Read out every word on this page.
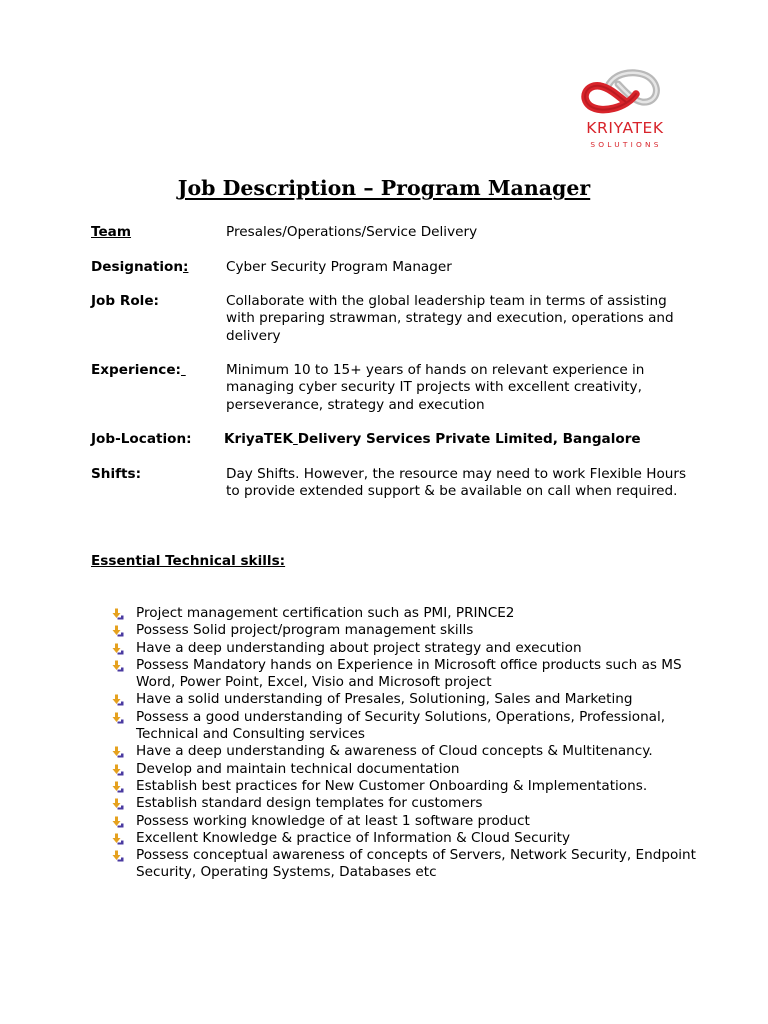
KRIYATEK
SOLUTIONS
Job Description – Program Manager
Team	Presales/Operations/Service Delivery
Designation:	Cyber Security Program Manager
Job Role:	Collaborate with the global leadership team in terms of assisting with preparing strawman, strategy and execution, operations and delivery
Experience:	Minimum 10 to 15+ years of hands on relevant experience in managing cyber security IT projects with excellent creativity, perseverance, strategy and execution
Job-Location: KriyaTEK Delivery Services Private Limited, Bangalore
Shifts:	Day Shifts. However, the resource may need to work Flexible Hours to provide extended support & be available on call when required.
Essential Technical skills:
Project management certification such as PMI, PRINCE2
Possess Solid project/program management skills
Have a deep understanding about project strategy and execution
Possess Mandatory hands on Experience in Microsoft office products such as MS Word, Power Point, Excel, Visio and Microsoft project
Have a solid understanding of Presales, Solutioning, Sales and Marketing
Possess a good understanding of Security Solutions, Operations, Professional, Technical and Consulting services
Have a deep understanding & awareness of Cloud concepts & Multitenancy.
Develop and maintain technical documentation
Establish best practices for New Customer Onboarding & Implementations.
Establish standard design templates for customers
Possess working knowledge of at least 1 software product
Excellent Knowledge & practice of Information & Cloud Security
Possess conceptual awareness of concepts of Servers, Network Security, Endpoint Security, Operating Systems, Databases etc
